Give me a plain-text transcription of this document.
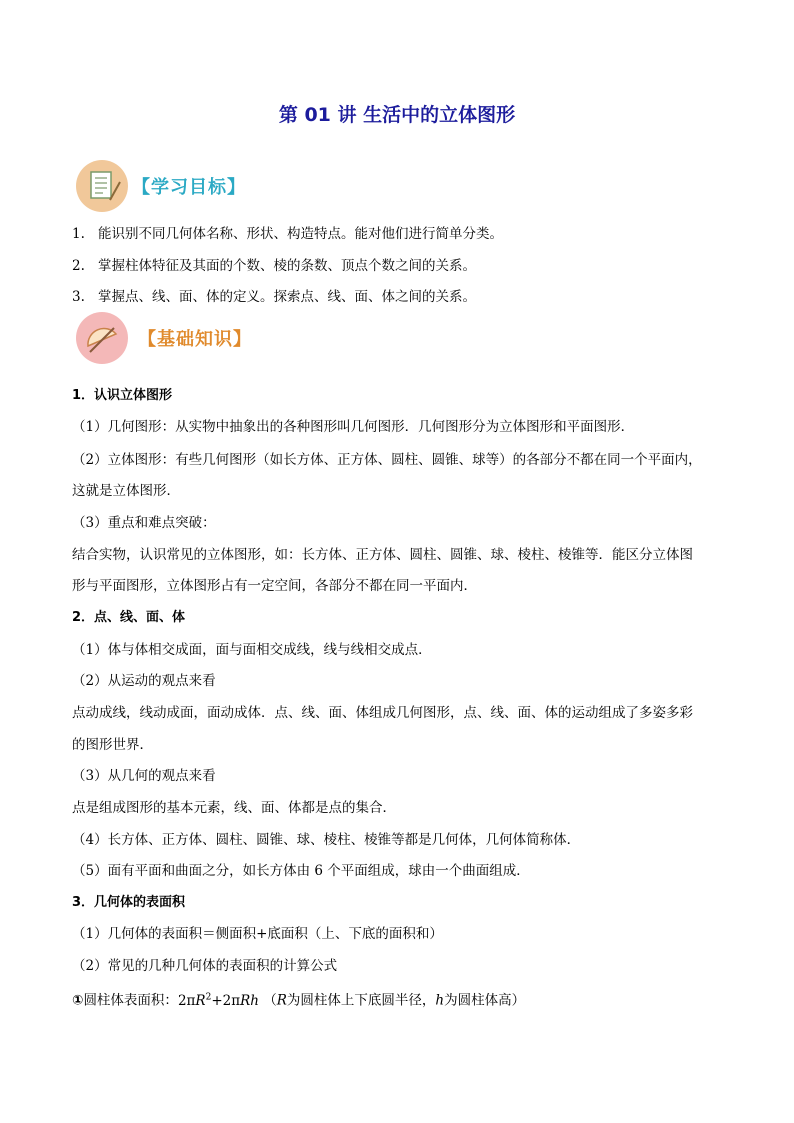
第 01 讲 生活中的立体图形
【学习目标】
1. 能识别不同几何体名称、形状、构造特点。能对他们进行简单分类。
2. 掌握柱体特征及其面的个数、棱的条数、顶点个数之间的关系。
3. 掌握点、线、面、体的定义。探索点、线、面、体之间的关系。
【基础知识】
1．认识立体图形
（1）几何图形：从实物中抽象出的各种图形叫几何图形．几何图形分为立体图形和平面图形．
（2）立体图形：有些几何图形（如长方体、正方体、圆柱、圆锥、球等）的各部分不都在同一个平面内，
这就是立体图形．
（3）重点和难点突破：
结合实物，认识常见的立体图形，如：长方体、正方体、圆柱、圆锥、球、棱柱、棱锥等．能区分立体图
形与平面图形，立体图形占有一定空间，各部分不都在同一平面内．
2．点、线、面、体
（1）体与体相交成面，面与面相交成线，线与线相交成点．
（2）从运动的观点来看
点动成线，线动成面，面动成体．点、线、面、体组成几何图形，点、线、面、体的运动组成了多姿多彩
的图形世界．
（3）从几何的观点来看
点是组成图形的基本元素，线、面、体都是点的集合．
（4）长方体、正方体、圆柱、圆锥、球、棱柱、棱锥等都是几何体，几何体简称体．
（5）面有平面和曲面之分，如长方体由 6 个平面组成，球由一个曲面组成．
3．几何体的表面积
（1）几何体的表面积＝侧面积+底面积（上、下底的面积和）
（2）常见的几种几何体的表面积的计算公式
①圆柱体表面积：$2\pi R^2+2\pi Rh$ （R为圆柱体上下底圆半径，h为圆柱体高）
